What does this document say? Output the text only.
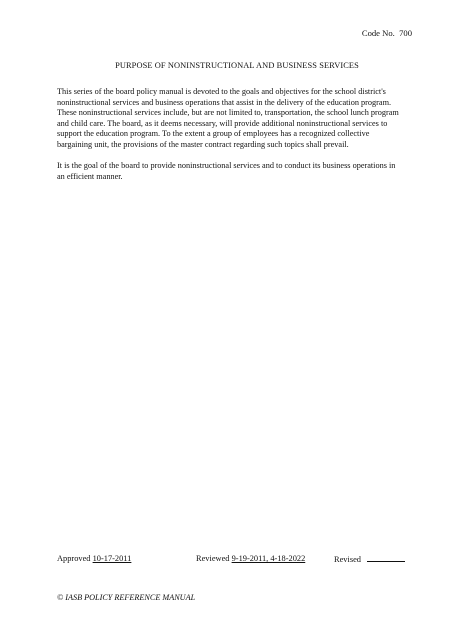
Code No.  700
PURPOSE OF NONINSTRUCTIONAL AND BUSINESS SERVICES

This series of the board policy manual is devoted to the goals and objectives for the school district's
noninstructional services and business operations that assist in the delivery of the education program.
These noninstructional services include, but are not limited to, transportation, the school lunch program
and child care. The board, as it deems necessary, will provide additional noninstructional services to
support the education program. To the extent a group of employees has a recognized collective
bargaining unit, the provisions of the master contract regarding such topics shall prevail.

It is the goal of the board to provide noninstructional services and to conduct its business operations in
an efficient manner.

Approved 10-17-2011	Reviewed 9-19-2011, 4-18-2022	Revised
© IASB POLICY REFERENCE MANUAL
